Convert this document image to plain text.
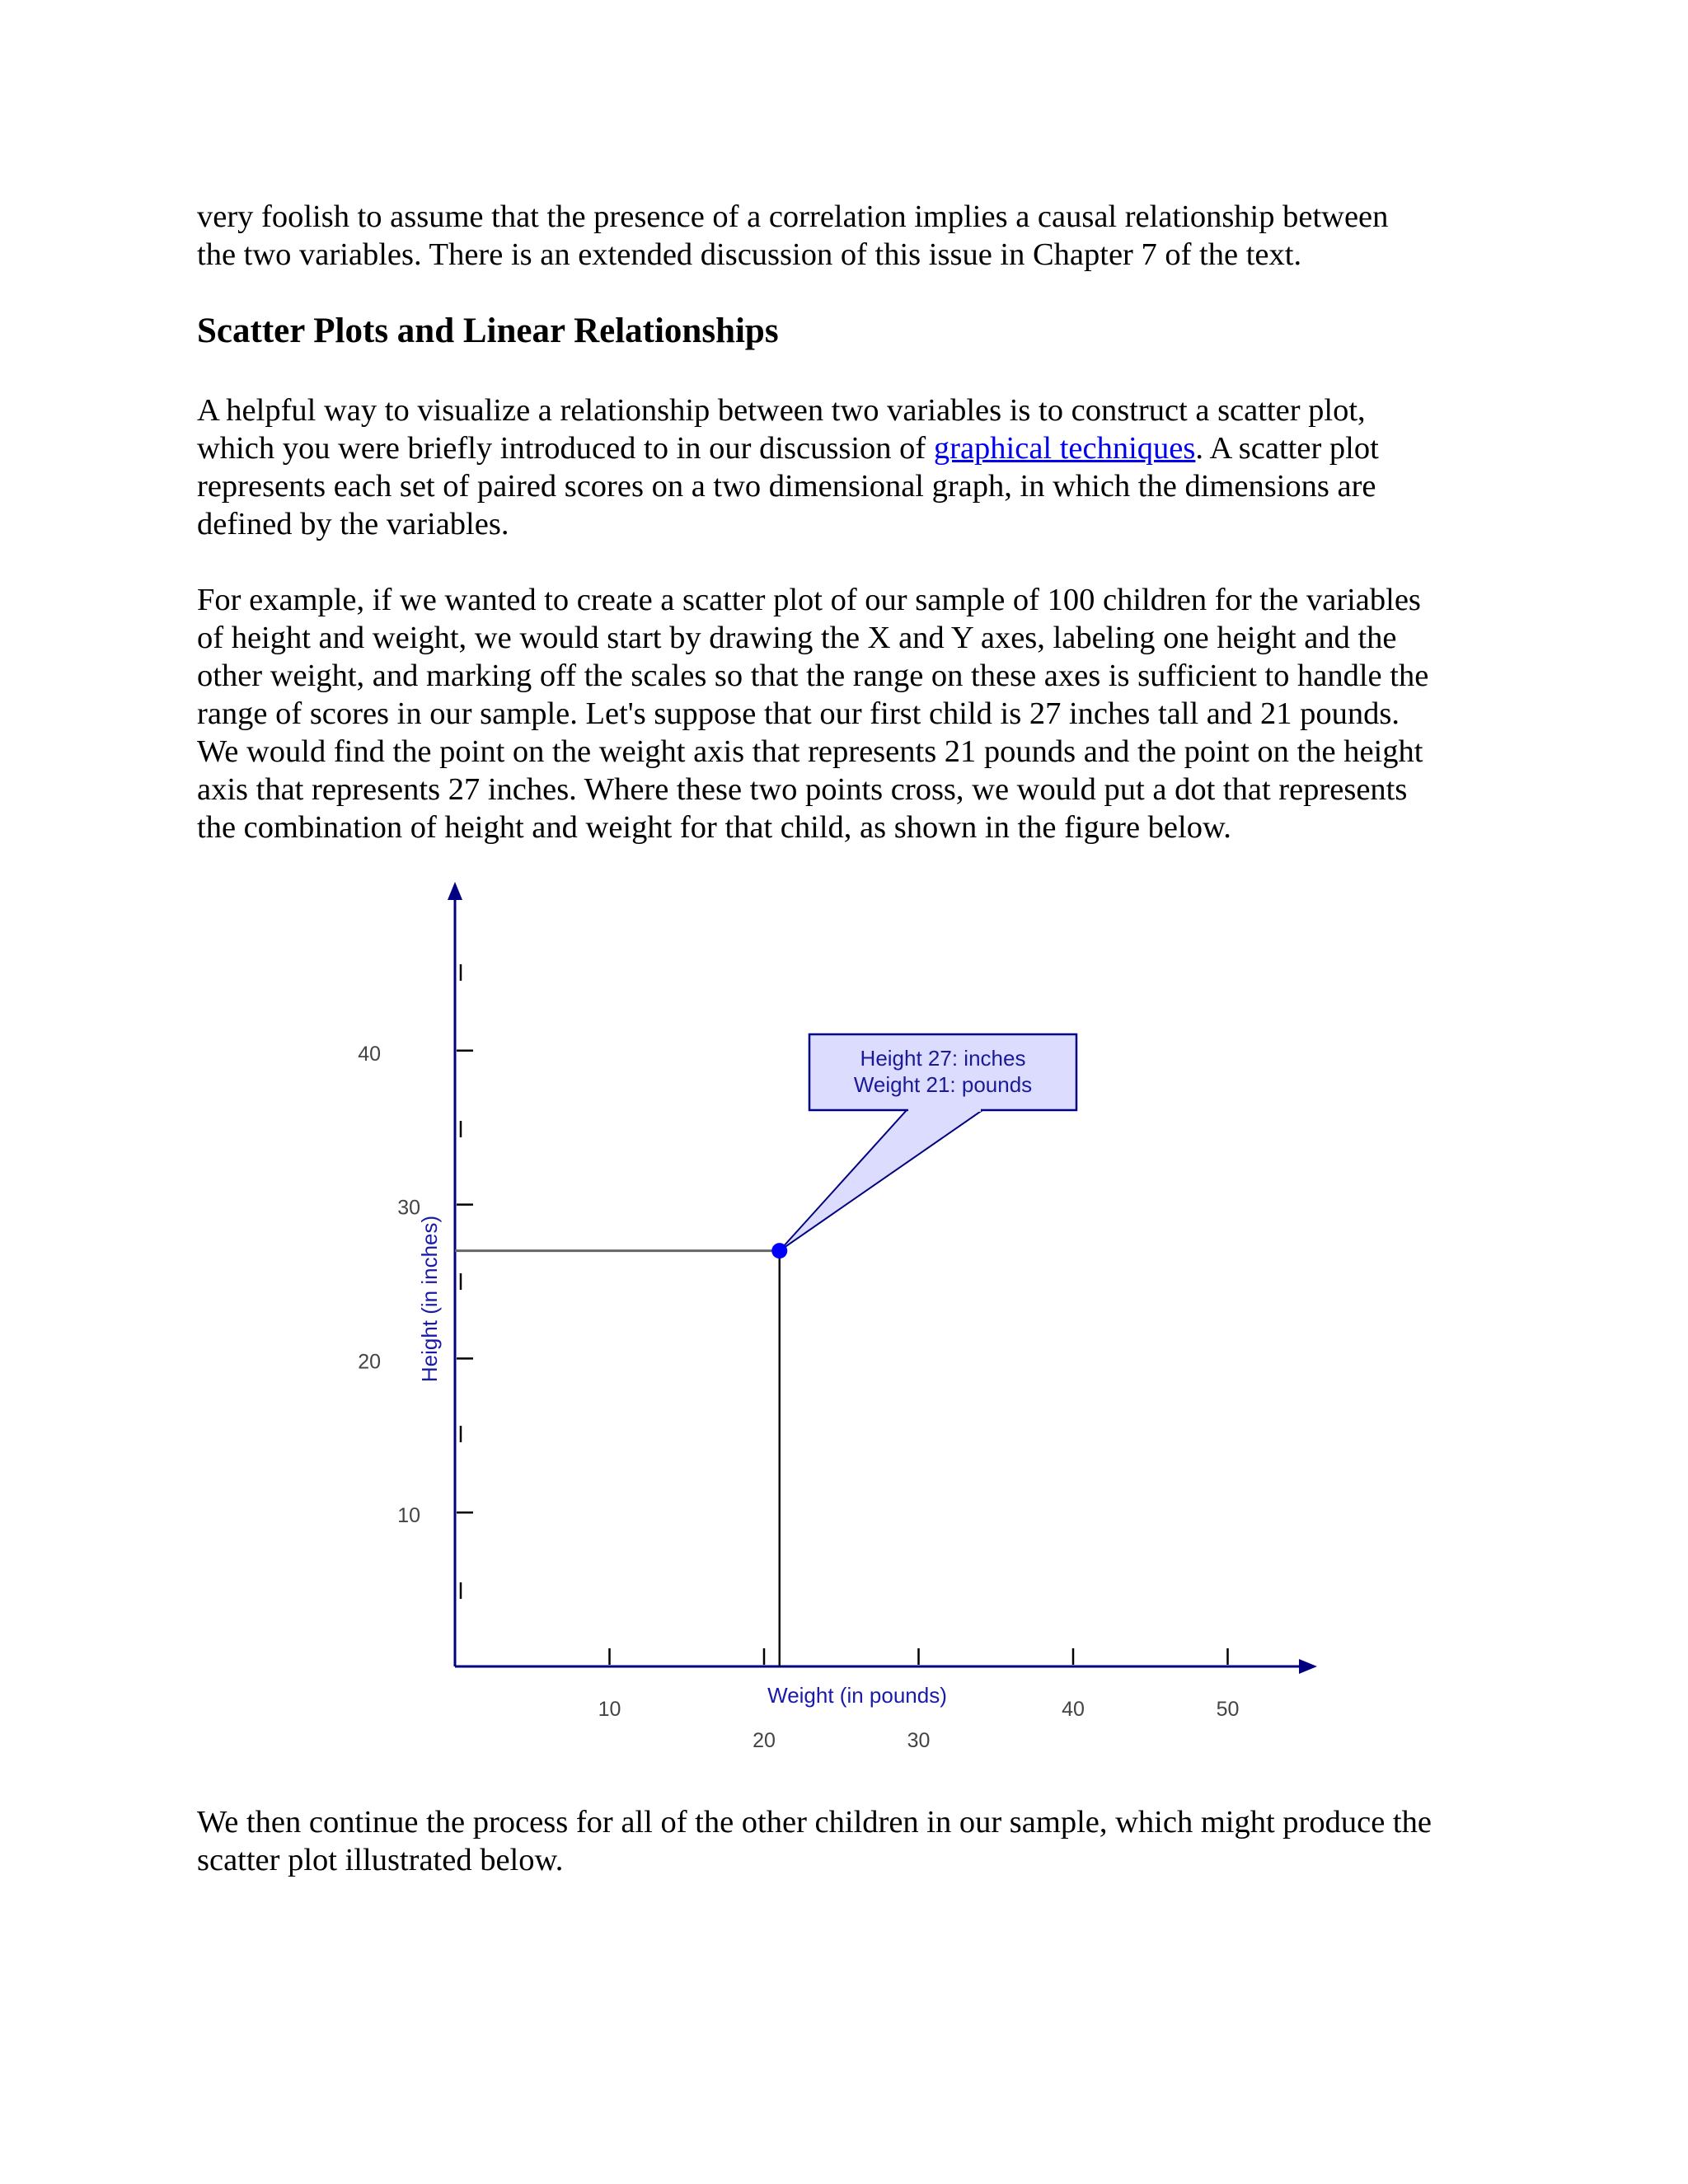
very foolish to assume that the presence of a correlation implies a causal relationship between
the two variables. There is an extended discussion of this issue in Chapter 7 of the text.

Scatter Plots and Linear Relationships

A helpful way to visualize a relationship between two variables is to construct a scatter plot,
which you were briefly introduced to in our discussion of graphical techniques. A scatter plot
represents each set of paired scores on a two dimensional graph, in which the dimensions are
defined by the variables.

For example, if we wanted to create a scatter plot of our sample of 100 children for the variables
of height and weight, we would start by drawing the X and Y axes, labeling one height and the
other weight, and marking off the scales so that the range on these axes is sufficient to handle the
range of scores in our sample. Let's suppose that our first child is 27 inches tall and 21 pounds.
We would find the point on the weight axis that represents 21 pounds and the point on the height
axis that represents 27 inches. Where these two points cross, we would put a dot that represents
the combination of height and weight for that child, as shown in the figure below.

10
20
30
40
10
20	30
40	50
Weight (in pounds)
Height (in inches)
Height 27: inches
Weight 21: pounds

We then continue the process for all of the other children in our sample, which might produce the
scatter plot illustrated below.
